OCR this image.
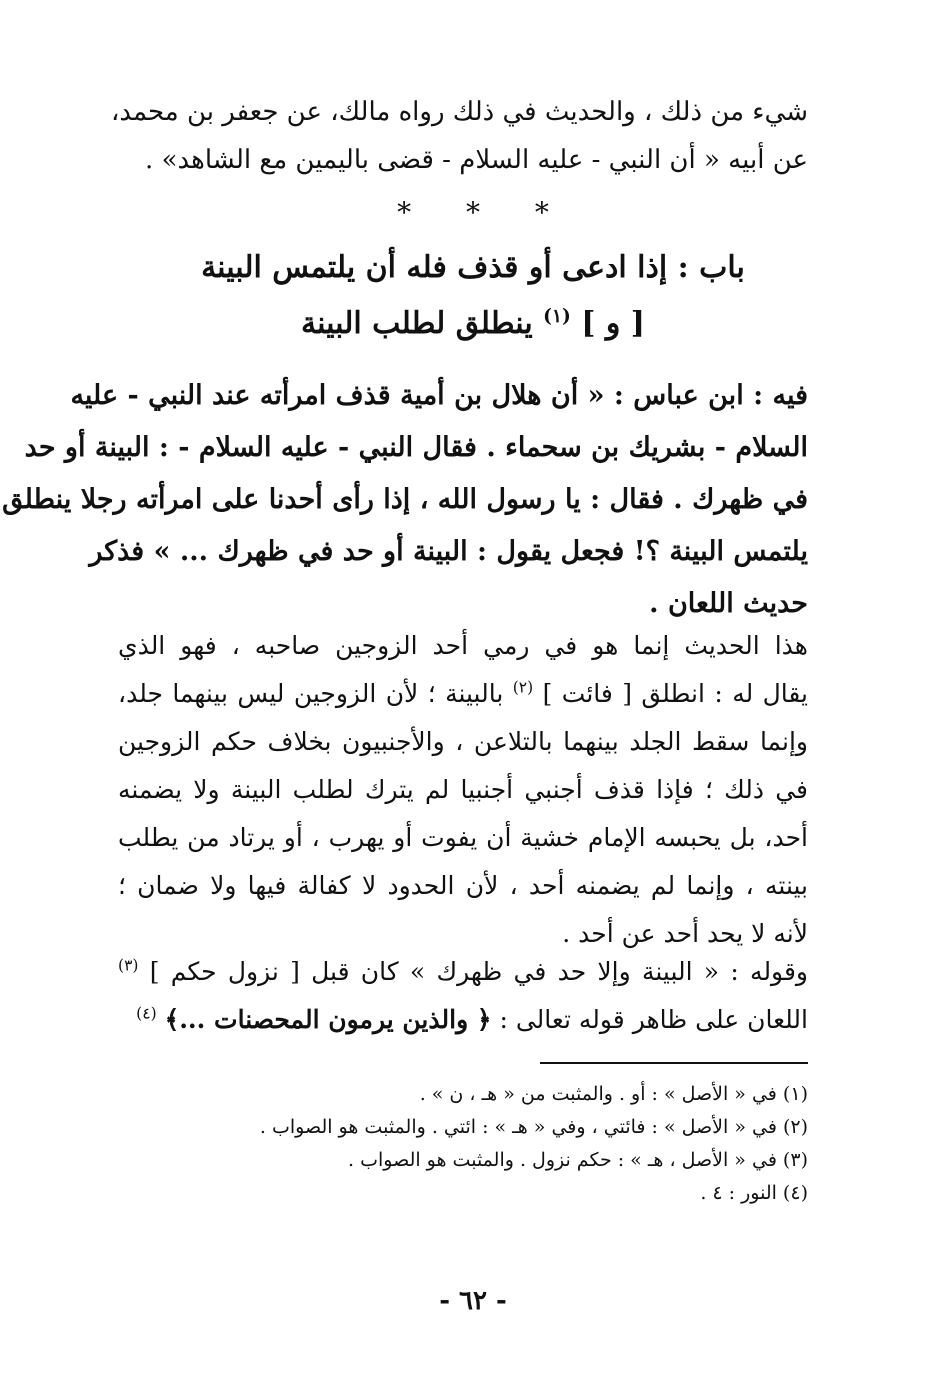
شيء من ذلك ، والحديث في ذلك رواه مالك، عن جعفر بن محمد،
عن أبيه « أن النبي - عليه السلام - قضى باليمين مع الشاهد» .
* * *
باب : إذا ادعى أو قذف فله أن يلتمس البينة
[ و ] $^{(١)}$ ينطلق لطلب البينة
فيه : ابن عباس : « أن هلال بن أمية قذف امرأته عند النبي - عليه
السلام - بشريك بن سحماء . فقال النبي - عليه السلام - : البينة أو حد
في ظهرك . فقال : يا رسول الله ، إذا رأى أحدنا على امرأته رجلا ينطلق
يلتمس البينة ؟! فجعل يقول : البينة أو حد في ظهرك ... » فذكر
حديث اللعان .
هذا الحديث إنما هو في رمي أحد الزوجين صاحبه ، فهو الذي
يقال له : انطلق [ فائت ] $^{(٢)}$ بالبينة ؛ لأن الزوجين ليس بينهما جلد،
وإنما سقط الجلد بينهما بالتلاعن ، والأجنبيون بخلاف حكم الزوجين
في ذلك ؛ فإذا قذف أجنبي أجنبيا لم يترك لطلب البينة ولا يضمنه
أحد، بل يحبسه الإمام خشية أن يفوت أو يهرب ، أو يرتاد من يطلب
بينته ، وإنما لم يضمنه أحد ، لأن الحدود لا كفالة فيها ولا ضمان ؛
لأنه لا يحد أحد عن أحد .
وقوله : « البينة وإلا حد في ظهرك » كان قبل [ نزول حكم ] $^{(٣)}$
اللعان على ظاهر قوله تعالى : ﴿ والذين يرمون المحصنات ...﴾ $^{(٤)}$
(١) في « الأصل » : أو . والمثبت من « هـ ، ن » .
(٢) في « الأصل » : فائتي ، وفي « هـ » : ائتي . والمثبت هو الصواب .
(٣) في « الأصل ، هـ » : حكم نزول . والمثبت هو الصواب .
(٤) النور : ٤ .
- ٦٢ -
